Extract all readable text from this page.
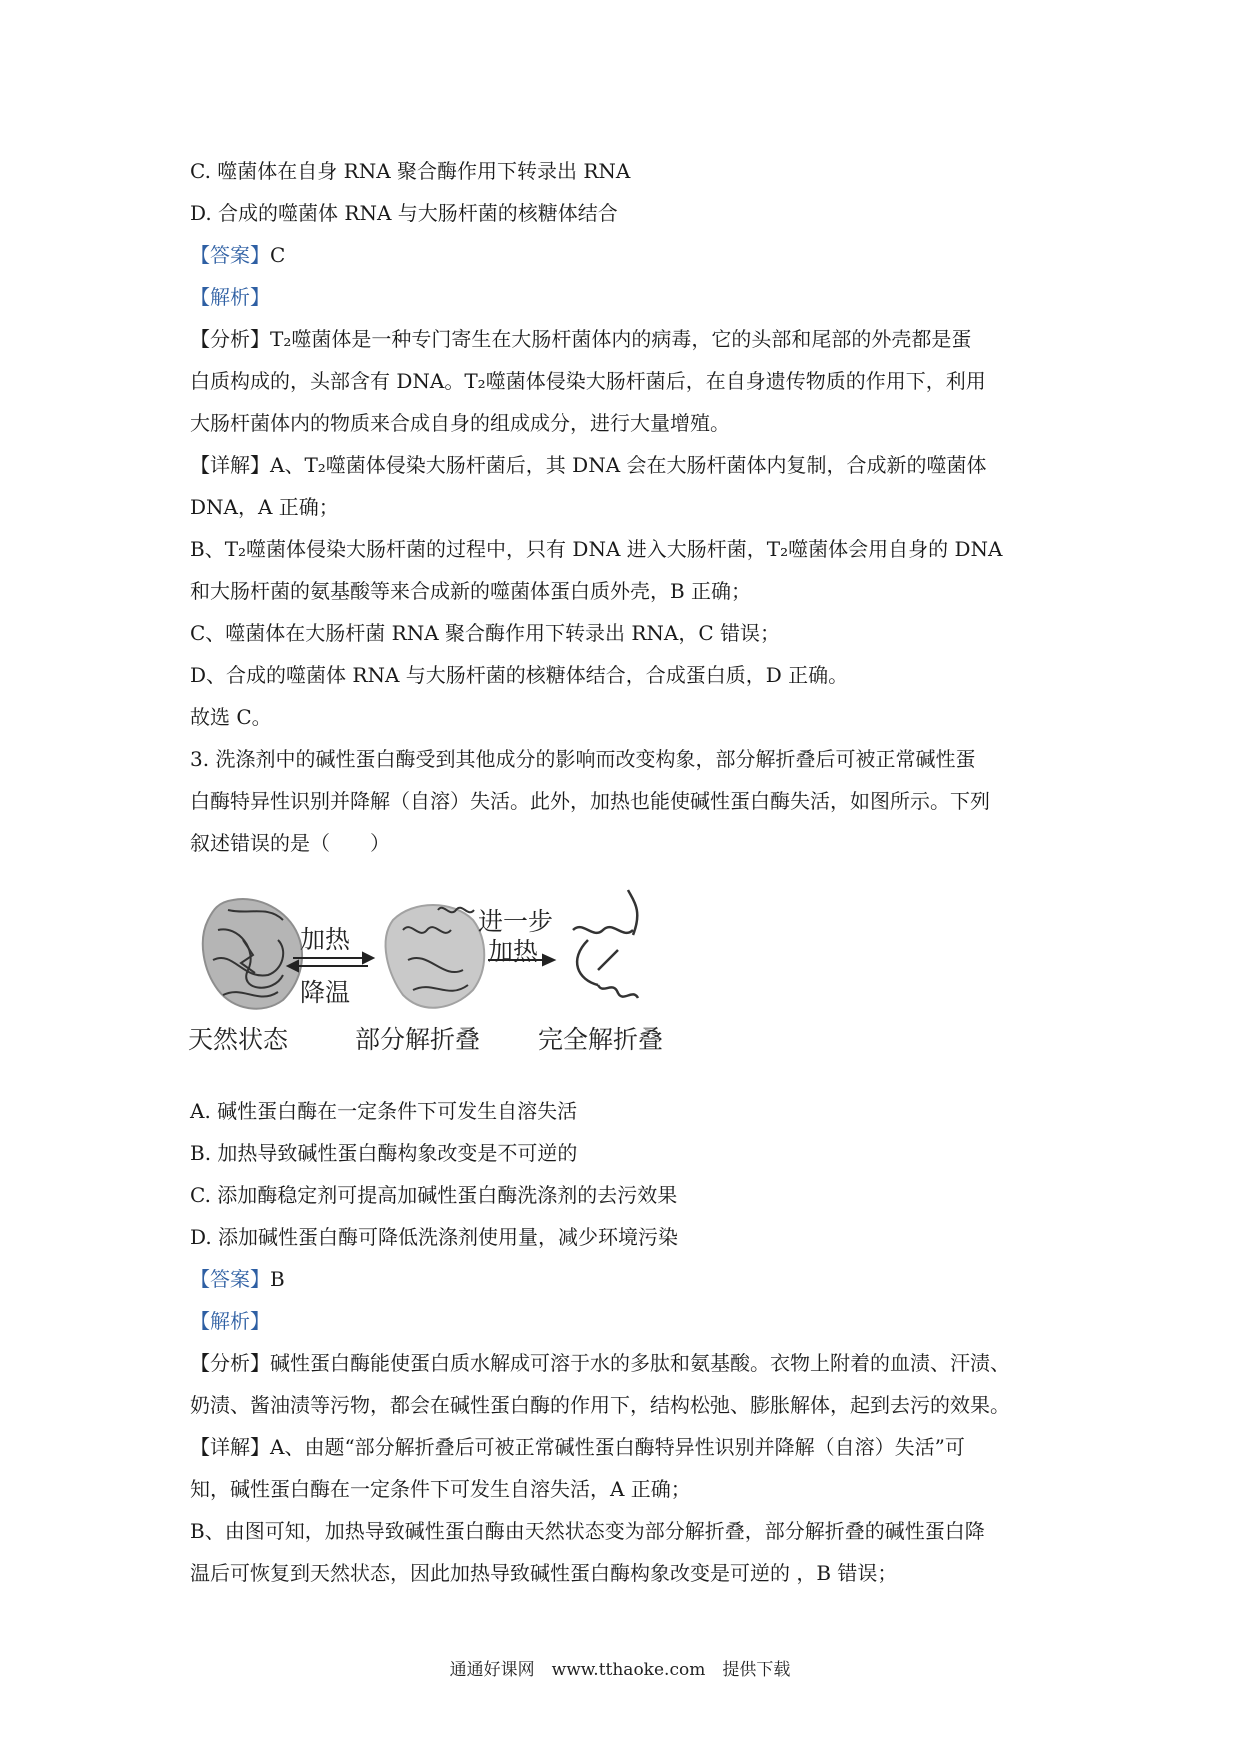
C. 噬菌体在自身 RNA 聚合酶作用下转录出 RNA

D. 合成的噬菌体 RNA 与大肠杆菌的核糖体结合

【答案】C

【解析】

【分析】T₂噬菌体是一种专门寄生在大肠杆菌体内的病毒，它的头部和尾部的外壳都是蛋

白质构成的，头部含有 DNA。T₂噬菌体侵染大肠杆菌后，在自身遗传物质的作用下，利用

大肠杆菌体内的物质来合成自身的组成成分，进行大量增殖。

【详解】A、T₂噬菌体侵染大肠杆菌后，其 DNA 会在大肠杆菌体内复制，合成新的噬菌体

DNA，A 正确；

B、T₂噬菌体侵染大肠杆菌的过程中，只有 DNA 进入大肠杆菌，T₂噬菌体会用自身的 DNA

和大肠杆菌的氨基酸等来合成新的噬菌体蛋白质外壳，B 正确；

C、噬菌体在大肠杆菌 RNA 聚合酶作用下转录出 RNA，C 错误；

D、合成的噬菌体 RNA 与大肠杆菌的核糖体结合，合成蛋白质，D 正确。

故选 C。

3. 洗涤剂中的碱性蛋白酶受到其他成分的影响而改变构象，部分解折叠后可被正常碱性蛋

白酶特异性识别并降解（自溶）失活。此外，加热也能使碱性蛋白酶失活，如图所示。下列

叙述错误的是（　　）

天然状态	部分解折叠 完全解折叠
加热
降温
进一步
加热

A. 碱性蛋白酶在一定条件下可发生自溶失活

B. 加热导致碱性蛋白酶构象改变是不可逆的

C. 添加酶稳定剂可提高加碱性蛋白酶洗涤剂的去污效果

D. 添加碱性蛋白酶可降低洗涤剂使用量，减少环境污染

【答案】B

【解析】

【分析】碱性蛋白酶能使蛋白质水解成可溶于水的多肽和氨基酸。衣物上附着的血渍、汗渍、

奶渍、酱油渍等污物，都会在碱性蛋白酶的作用下，结构松弛、膨胀解体，起到去污的效果。

【详解】A、由题“部分解折叠后可被正常碱性蛋白酶特异性识别并降解（自溶）失活”可

知，碱性蛋白酶在一定条件下可发生自溶失活，A 正确；

B、由图可知，加热导致碱性蛋白酶由天然状态变为部分解折叠，部分解折叠的碱性蛋白降

温后可恢复到天然状态，因此加热导致碱性蛋白酶构象改变是可逆的 ，B 错误；

通通好课网　www.tthaoke.com　提供下载
